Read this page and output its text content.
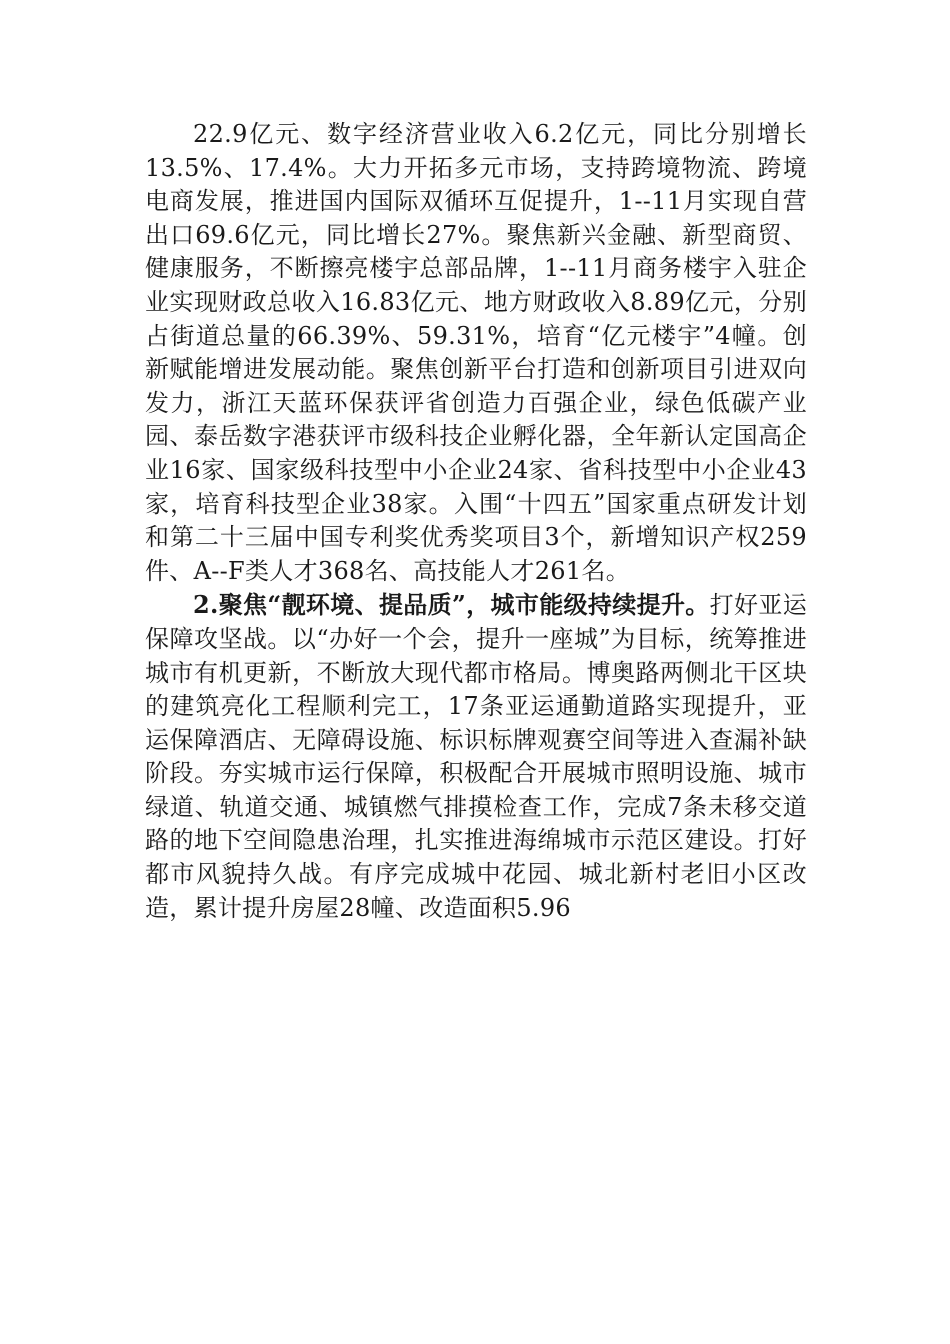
22.9亿元、数字经济营业收入6.2亿元，同比分别增长13.5%、17.4%。大力开拓多元市场，支持跨境物流、跨境电商发展，推进国内国际双循环互促提升，1--11月实现自营出口69.6亿元，同比增长27%。聚焦新兴金融、新型商贸、健康服务，不断擦亮楼宇总部品牌，1--11月商务楼宇入驻企业实现财政总收入16.83亿元、地方财政收入8.89亿元，分别占街道总量的66.39%、59.31%，培育“亿元楼宇”4幢。创新赋能增进发展动能。聚焦创新平台打造和创新项目引进双向发力，浙江天蓝环保获评省创造力百强企业，绿色低碳产业园、泰岳数字港获评市级科技企业孵化器，全年新认定国高企业16家、国家级科技型中小企业24家、省科技型中小企业43家，培育科技型企业38家。入围“十四五”国家重点研发计划和第二十三届中国专利奖优秀奖项目3个，新增知识产权259件、A--F类人才368名、高技能人才261名。

2.聚焦“靓环境、提品质”，城市能级持续提升。打好亚运保障攻坚战。以“办好一个会，提升一座城”为目标，统筹推进城市有机更新，不断放大现代都市格局。博奥路两侧北干区块的建筑亮化工程顺利完工，17条亚运通勤道路实现提升，亚运保障酒店、无障碍设施、标识标牌观赛空间等进入查漏补缺阶段。夯实城市运行保障，积极配合开展城市照明设施、城市绿道、轨道交通、城镇燃气排摸检查工作，完成7条未移交道路的地下空间隐患治理，扎实推进海绵城市示范区建设。打好都市风貌持久战。有序完成城中花园、城北新村老旧小区改造，累计提升房屋28幢、改造面积5.96
